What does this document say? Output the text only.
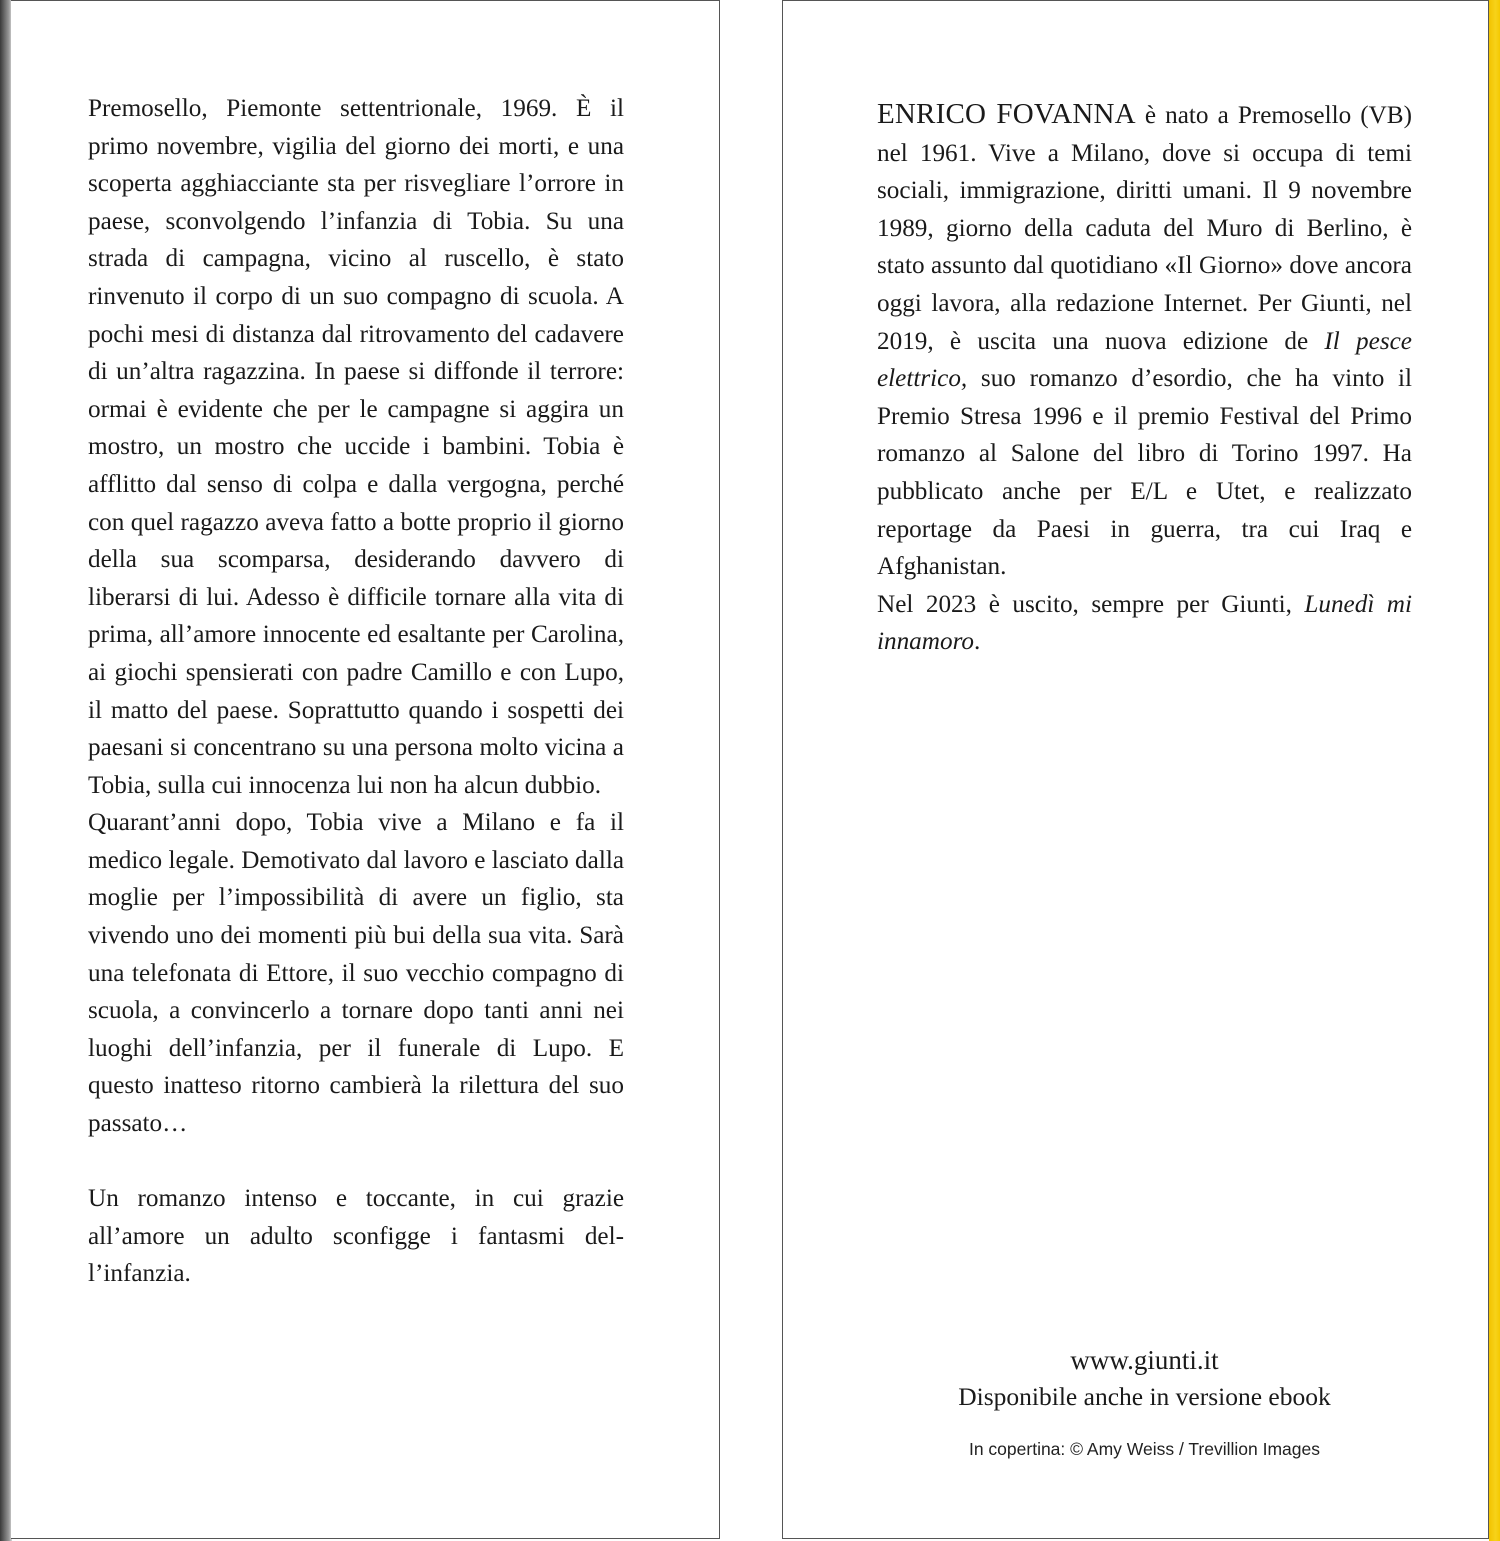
Premosello, Piemonte settentrionale, 1969. È il primo novembre, vigilia del giorno dei morti, e una scoperta agghiacciante sta per risvegliare l’orrore in paese, sconvolgendo l’infanzia di Tobia. Su una strada di campagna, vicino al ruscello, è stato rinvenuto il corpo di un suo compagno di scuola. A pochi mesi di distanza dal ritrovamento del cadavere di un’altra ragazzina. In paese si diffonde il terrore: ormai è evidente che per le campagne si aggira un mostro, un mostro che uccide i bambini. Tobia è afflitto dal senso di colpa e dalla vergogna, perché con quel ragazzo aveva fatto a botte proprio il giorno della sua scomparsa, desiderando davvero di liberarsi di lui. Adesso è difficile tornare alla vita di prima, all’amore innocente ed esaltante per Carolina, ai giochi spensierati con padre Camillo e con Lupo, il matto del paese. Soprattutto quando i sospetti dei paesani si concentrano su una persona molto vicina a Tobia, sulla cui innocenza lui non ha alcun dubbio.

Quarant’anni dopo, Tobia vive a Milano e fa il medico legale. Demotivato dal lavoro e lasciato dalla moglie per l’impossibilità di avere un figlio, sta vivendo uno dei momenti più bui della sua vita. Sarà una telefonata di Ettore, il suo vecchio compagno di scuola, a convincerlo a tornare dopo tanti anni nei luoghi dell’infanzia, per il funerale di Lupo. E questo inatteso ritorno cambierà la rilettura del suo passato…

Un romanzo intenso e toccante, in cui grazie all’amore un adulto sconfigge i fantasmi dell’infanzia.

ENRICO FOVANNA è nato a Premosello (VB) nel 1961. Vive a Milano, dove si occupa di temi sociali, immigrazione, diritti umani. Il 9 novembre 1989, giorno della caduta del Muro di Berlino, è stato assunto dal quotidiano «Il Giorno» dove ancora oggi lavora, alla redazione Internet. Per Giunti, nel 2019, è uscita una nuova edizione de Il pesce elettrico, suo romanzo d’esordio, che ha vinto il Premio Stresa 1996 e il premio Festival del Primo romanzo al Salone del libro di Torino 1997. Ha pubblicato anche per E/L e Utet, e realizzato reportage da Paesi in guerra, tra cui Iraq e Afghanistan.

Nel 2023 è uscito, sempre per Giunti, Lunedì mi innamoro.

www.giunti.it
Disponibile anche in versione ebook
In copertina: © Amy Weiss / Trevillion Images
